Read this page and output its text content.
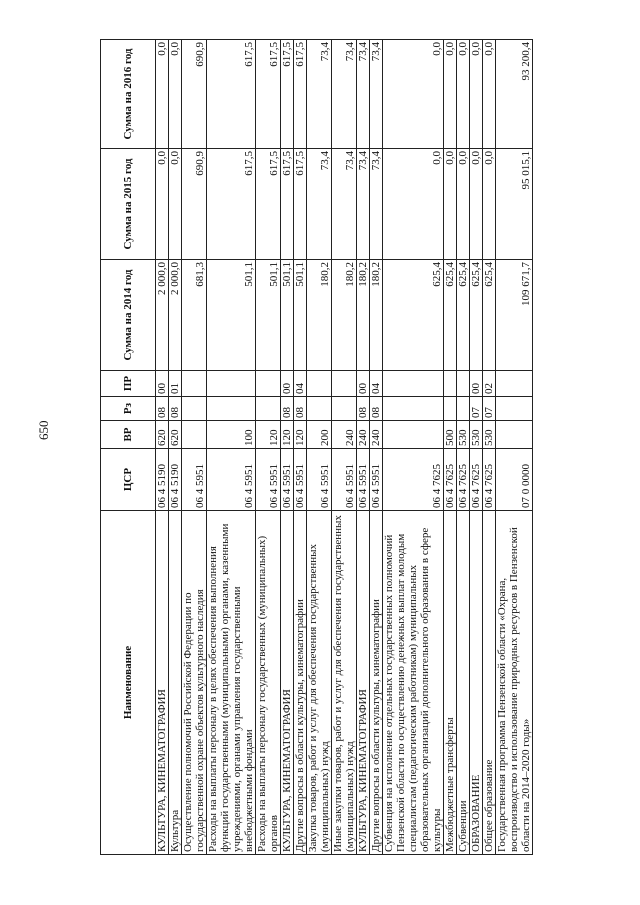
650
Наименование	ЦСР	ВР	Рз	ПР	Сумма на 2014 год	Сумма на 2015 год	Сумма на 2016 год
КУЛЬТУРА, КИНЕМАТОГРАФИЯ	06 4 5190	620	08	00	2 000,0	0,0	0,0
Культура	06 4 5190	620	08	01	2 000,0	0,0	0,0
Осуществление полномочий Российской Федерации по государственной охране объектов культурного наследия	06 4 5951				681,3	690,9	690,9
Расходы на выплаты персоналу в целях обеспечения выполнения функций государственными (муниципальными) органами, казенными учреждениями, органами управления государственными внебюджетными фондами	06 4 5951	100			501,1	617,5	617,5
Расходы на выплаты персоналу государственных (муниципальных) органов	06 4 5951	120			501,1	617,5	617,5
КУЛЬТУРА, КИНЕМАТОГРАФИЯ	06 4 5951	120	08	00	501,1	617,5	617,5
Другие вопросы в области культуры, кинематографии	06 4 5951	120	08	04	501,1	617,5	617,5
Закупка товаров, работ и услуг для обеспечения государственных (муниципальных) нужд	06 4 5951	200			180,2	73,4	73,4
Иные закупки товаров, работ и услуг для обеспечения государственных (муниципальных) нужд	06 4 5951	240			180,2	73,4	73,4
КУЛЬТУРА, КИНЕМАТОГРАФИЯ	06 4 5951	240	08	00	180,2	73,4	73,4
Другие вопросы в области культуры, кинематографии	06 4 5951	240	08	04	180,2	73,4	73,4
Субвенция на исполнение отдельных государственных полномочий Пензенской области по осуществлению денежных выплат молодым специалистам (педагогическим работникам) муниципальных образовательных организаций дополнительного образования в сфере культуры	06 4 7625				625,4	0,0	0,0
Межбюджетные трансферты	06 4 7625	500			625,4	0,0	0,0
Субвенции	06 4 7625	530			625,4	0,0	0,0
ОБРАЗОВАНИЕ	06 4 7625	530	07	00	625,4	0,0	0,0
Общее образование	06 4 7625	530	07	02	625,4	0,0	0,0
Государственная программа Пензенской области «Охрана, воспроизводство и использование природных ресурсов в Пензенской области на 2014–2020 годы»	07 0 0000				109 671,7	95 015,1	93 200,4
